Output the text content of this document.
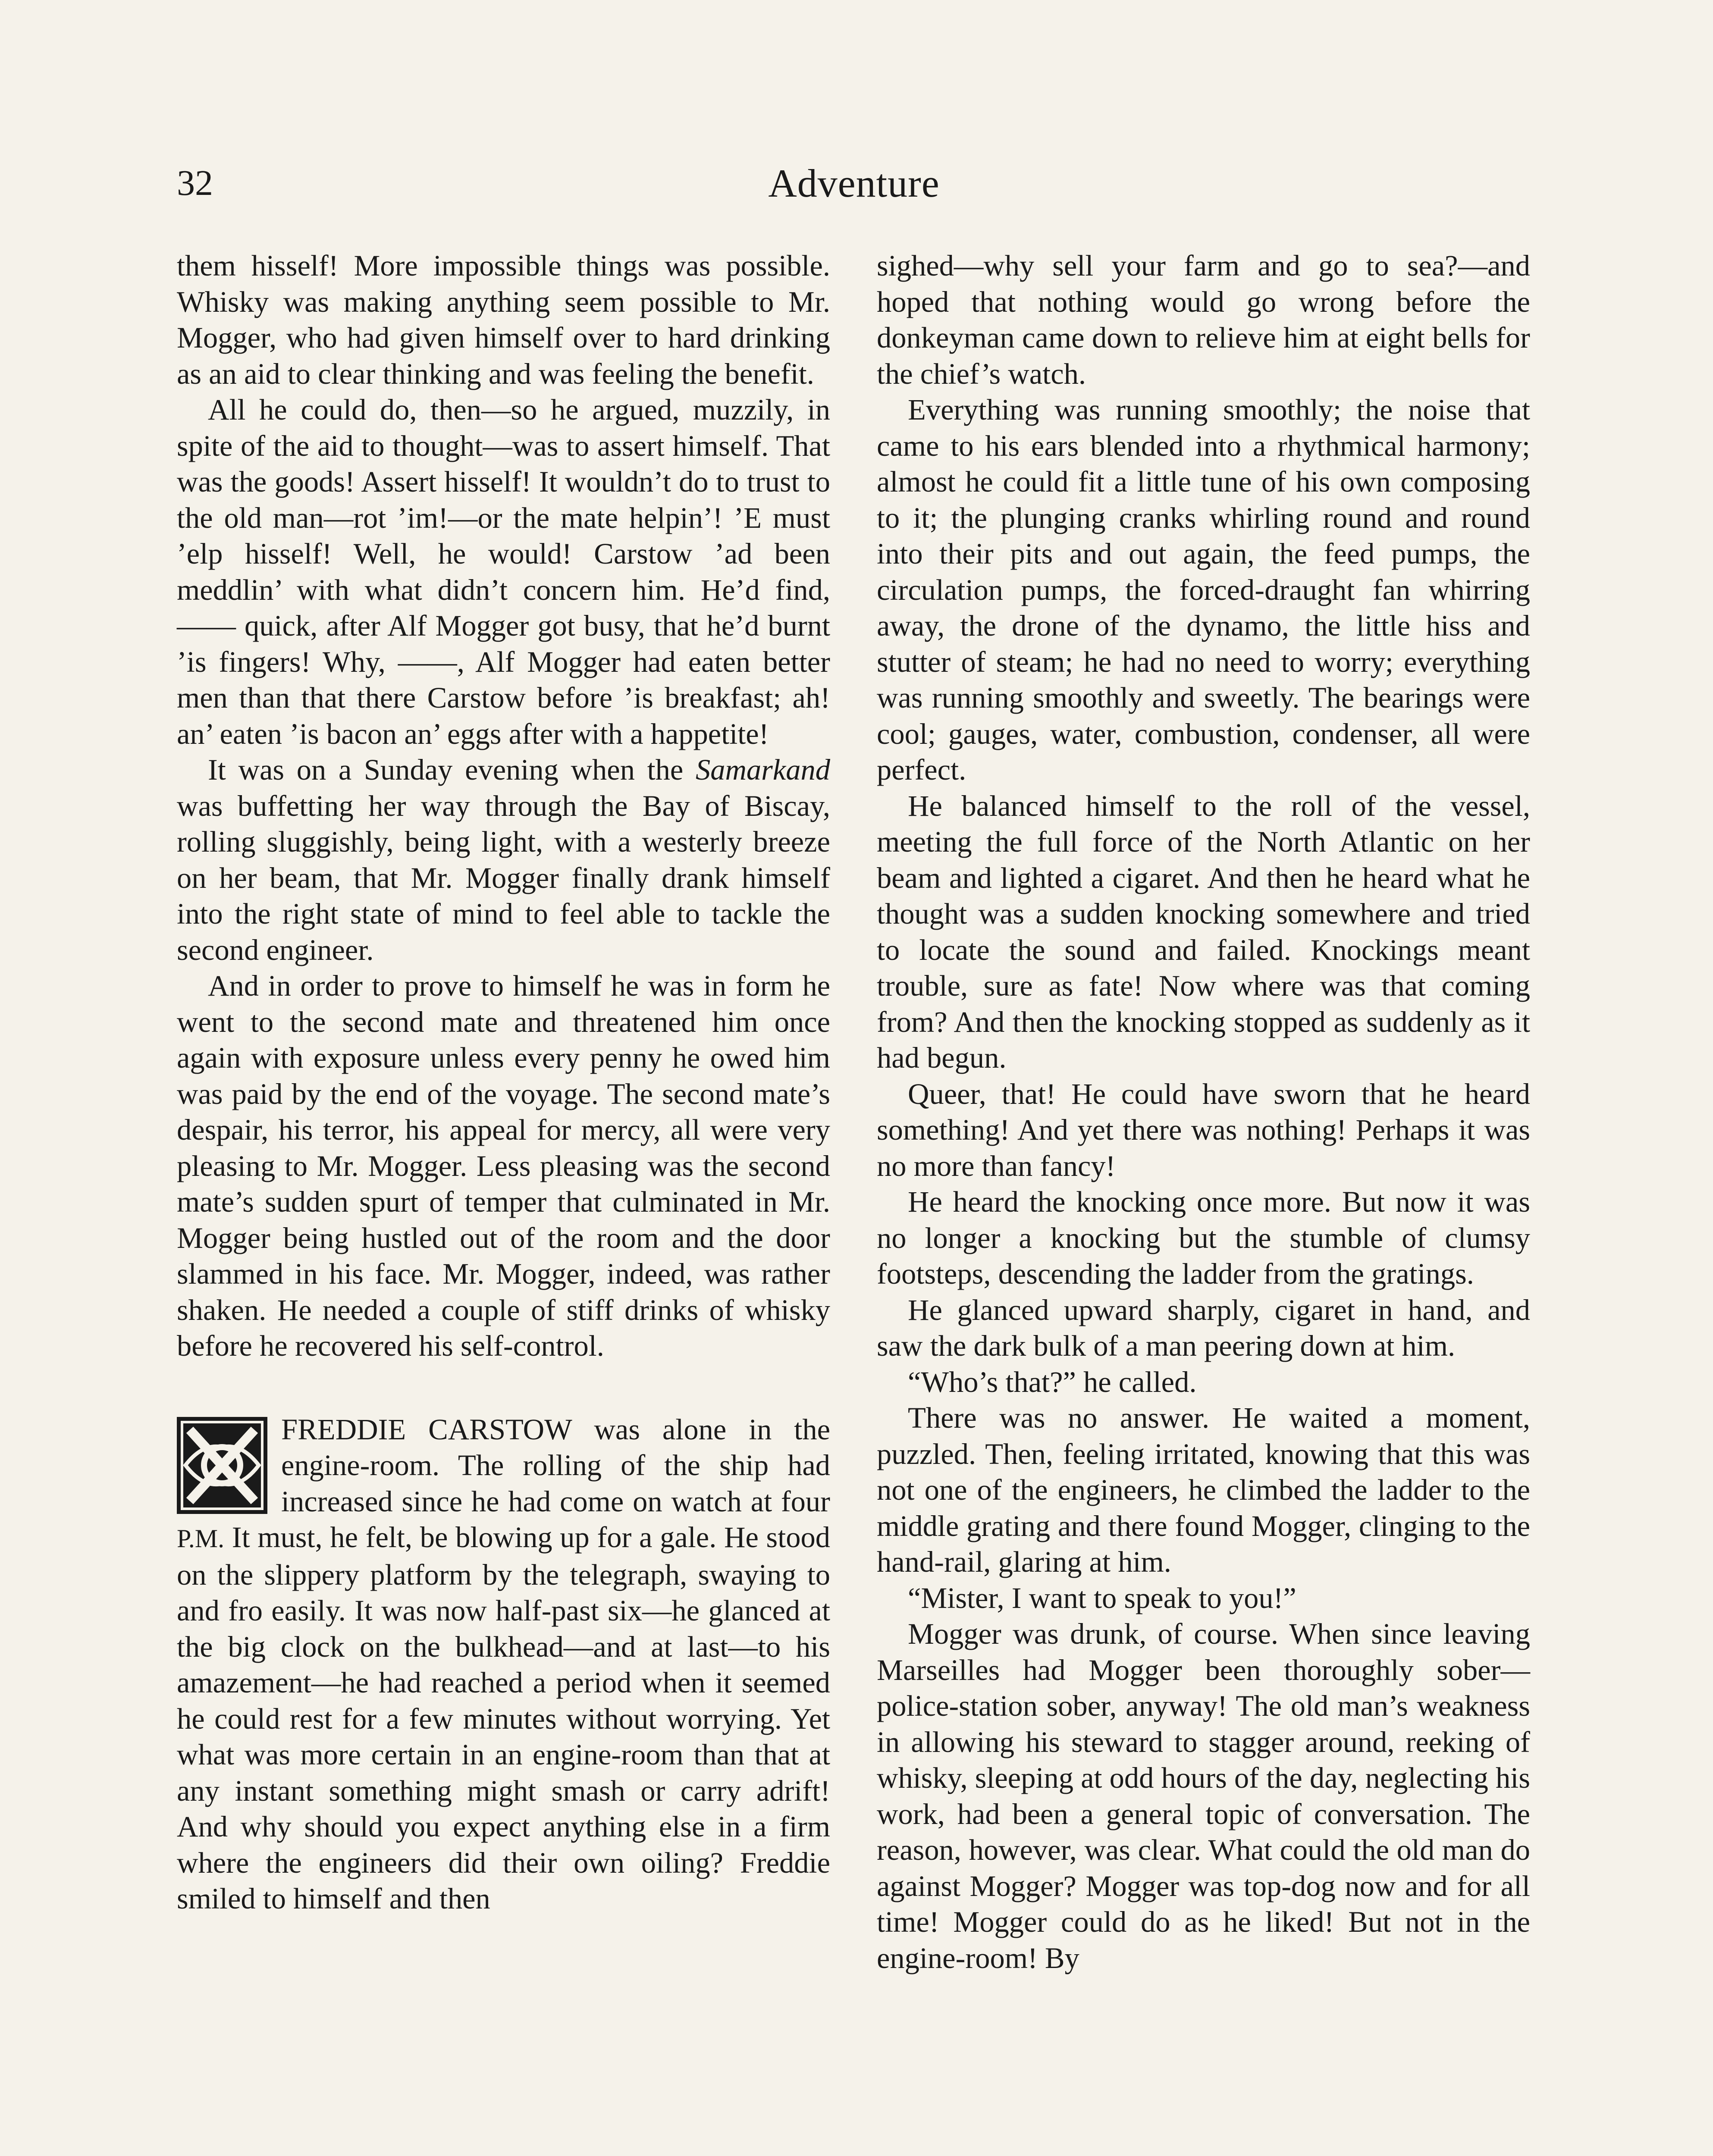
32	Adventure

them hisself! More impossible things was possible. Whisky was making anything seem possible to Mr. Mogger, who had given himself over to hard drinking as an aid to clear thinking and was feeling the benefit.

All he could do, then—so he argued, muzzily, in spite of the aid to thought—was to assert himself. That was the goods! Assert hisself! It wouldn’t do to trust to the old man—rot ’im!—or the mate helpin’! ’E must ’elp hisself! Well, he would! Carstow ’ad been meddlin’ with what didn’t concern him. He’d find, —— quick, after Alf Mogger got busy, that he’d burnt ’is fingers! Why, ——, Alf Mogger had eaten better men than that there Carstow before ’is breakfast; ah! an’ eaten ’is bacon an’ eggs after with a happetite!

It was on a Sunday evening when the Samarkand was buffetting her way through the Bay of Biscay, rolling sluggishly, being light, with a westerly breeze on her beam, that Mr. Mogger finally drank himself into the right state of mind to feel able to tackle the second engineer.

And in order to prove to himself he was in form he went to the second mate and threatened him once again with exposure unless every penny he owed him was paid by the end of the voyage. The second mate’s despair, his terror, his appeal for mercy, all were very pleasing to Mr. Mogger. Less pleasing was the second mate’s sudden spurt of temper that culminated in Mr. Mogger being hustled out of the room and the door slammed in his face. Mr. Mogger, indeed, was rather shaken. He needed a couple of stiff drinks of whisky before he recovered his self-control.

FREDDIE CARSTOW was alone in the engine-room. The rolling of the ship had increased since he had come on watch at four P.M. It must, he felt, be blowing up for a gale. He stood on the slippery platform by the telegraph, swaying to and fro easily. It was now half-past six—he glanced at the big clock on the bulkhead—and at last—to his amazement—he had reached a period when it seemed he could rest for a few minutes without worrying. Yet what was more certain in an engine-room than that at any instant something might smash or carry adrift! And why should you expect anything else in a firm where the engineers did their own oiling? Freddie smiled to himself and then

sighed—why sell your farm and go to sea?—and hoped that nothing would go wrong before the donkeyman came down to relieve him at eight bells for the chief’s watch.

Everything was running smoothly; the noise that came to his ears blended into a rhythmical harmony; almost he could fit a little tune of his own composing to it; the plunging cranks whirling round and round into their pits and out again, the feed pumps, the circulation pumps, the forced-draught fan whirring away, the drone of the dynamo, the little hiss and stutter of steam; he had no need to worry; everything was running smoothly and sweetly. The bearings were cool; gauges, water, combustion, condenser, all were perfect.

He balanced himself to the roll of the vessel, meeting the full force of the North Atlantic on her beam and lighted a cigaret. And then he heard what he thought was a sudden knocking somewhere and tried to locate the sound and failed. Knockings meant trouble, sure as fate! Now where was that coming from? And then the knocking stopped as suddenly as it had begun.

Queer, that! He could have sworn that he heard something! And yet there was nothing! Perhaps it was no more than fancy!

He heard the knocking once more. But now it was no longer a knocking but the stumble of clumsy footsteps, descending the ladder from the gratings.

He glanced upward sharply, cigaret in hand, and saw the dark bulk of a man peering down at him.

“Who’s that?” he called.

There was no answer. He waited a moment, puzzled. Then, feeling irritated, knowing that this was not one of the engineers, he climbed the ladder to the middle grating and there found Mogger, clinging to the hand-rail, glaring at him.

“Mister, I want to speak to you!”

Mogger was drunk, of course. When since leaving Marseilles had Mogger been thoroughly sober—police-station sober, anyway! The old man’s weakness in allowing his steward to stagger around, reeking of whisky, sleeping at odd hours of the day, neglecting his work, had been a general topic of conversation. The reason, however, was clear. What could the old man do against Mogger? Mogger was top-dog now and for all time! Mogger could do as he liked! But not in the engine-room! By
